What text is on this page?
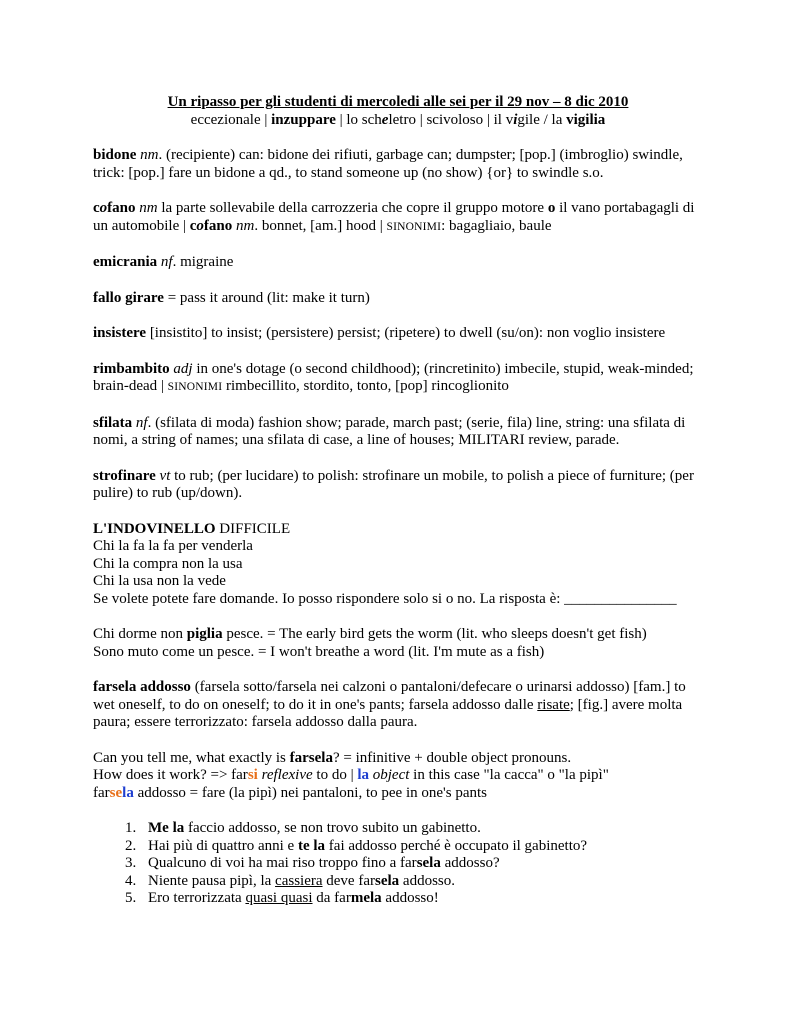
Un ripasso per gli studenti di mercoledi alle sei per il 29 nov – 8 dic 2010
eccezionale | inzuppare | lo scheletro | scivoloso | il vigile / la vigilia
bidone nm. (recipiente) can: bidone dei rifiuti, garbage can; dumpster; [pop.] (imbroglio) swindle, trick: [pop.] fare un bidone a qd., to stand someone up (no show) {or} to swindle s.o.
cofano nm la parte sollevabile della carrozzeria che copre il gruppo motore o il vano portabagagli di un automobile | cofano nm. bonnet, [am.] hood | SINONIMI: bagagliaio, baule
emicrania nf. migraine
fallo girare = pass it around (lit: make it turn)
insistere [insistito] to insist; (persistere) persist; (ripetere) to dwell (su/on): non voglio insistere
rimbambito adj in one's dotage (o second childhood); (rincretinito) imbecile, stupid, weak-minded; brain-dead | SINONIMI rimbecillito, stordito, tonto, [pop] rincoglionito
sfilata nf. (sfilata di moda) fashion show; parade, march past; (serie, fila) line, string: una sfilata di nomi, a string of names; una sfilata di case, a line of houses; MILITARI review, parade.
strofinare vt to rub; (per lucidare) to polish: strofinare un mobile, to polish a piece of furniture; (per pulire) to rub (up/down).
L'INDOVINELLO DIFFICILE
Chi la fa la fa per venderla
Chi la compra non la usa
Chi la usa non la vede
Se volete potete fare domande. Io posso rispondere solo si o no. La risposta è: _______________
Chi dorme non piglia pesce. = The early bird gets the worm (lit. who sleeps doesn't get fish)
Sono muto come un pesce. = I won't breathe a word (lit. I'm mute as a fish)
farsela addosso (farsela sotto/farsela nei calzoni o pantaloni/defecare o urinarsi addosso) [fam.] to wet oneself, to do on oneself; to do it in one's pants; farsela addosso dalle risate; [fig.] avere molta paura; essere terrorizzato: farsela addosso dalla paura.
Can you tell me, what exactly is farsela? = infinitive + double object pronouns.
How does it work? => farsi reflexive to do | la object in this case "la cacca" o "la pipì"
farsela addosso = fare (la pipì) nei pantaloni, to pee in one's pants
1. Me la faccio addosso, se non trovo subito un gabinetto.
2. Hai più di quattro anni e te la fai addosso perché è occupato il gabinetto?
3. Qualcuno di voi ha mai riso troppo fino a farsela addosso?
4. Niente pausa pipì, la cassiera deve farsela addosso.
5. Ero terrorizzata quasi quasi da farmela addosso!
